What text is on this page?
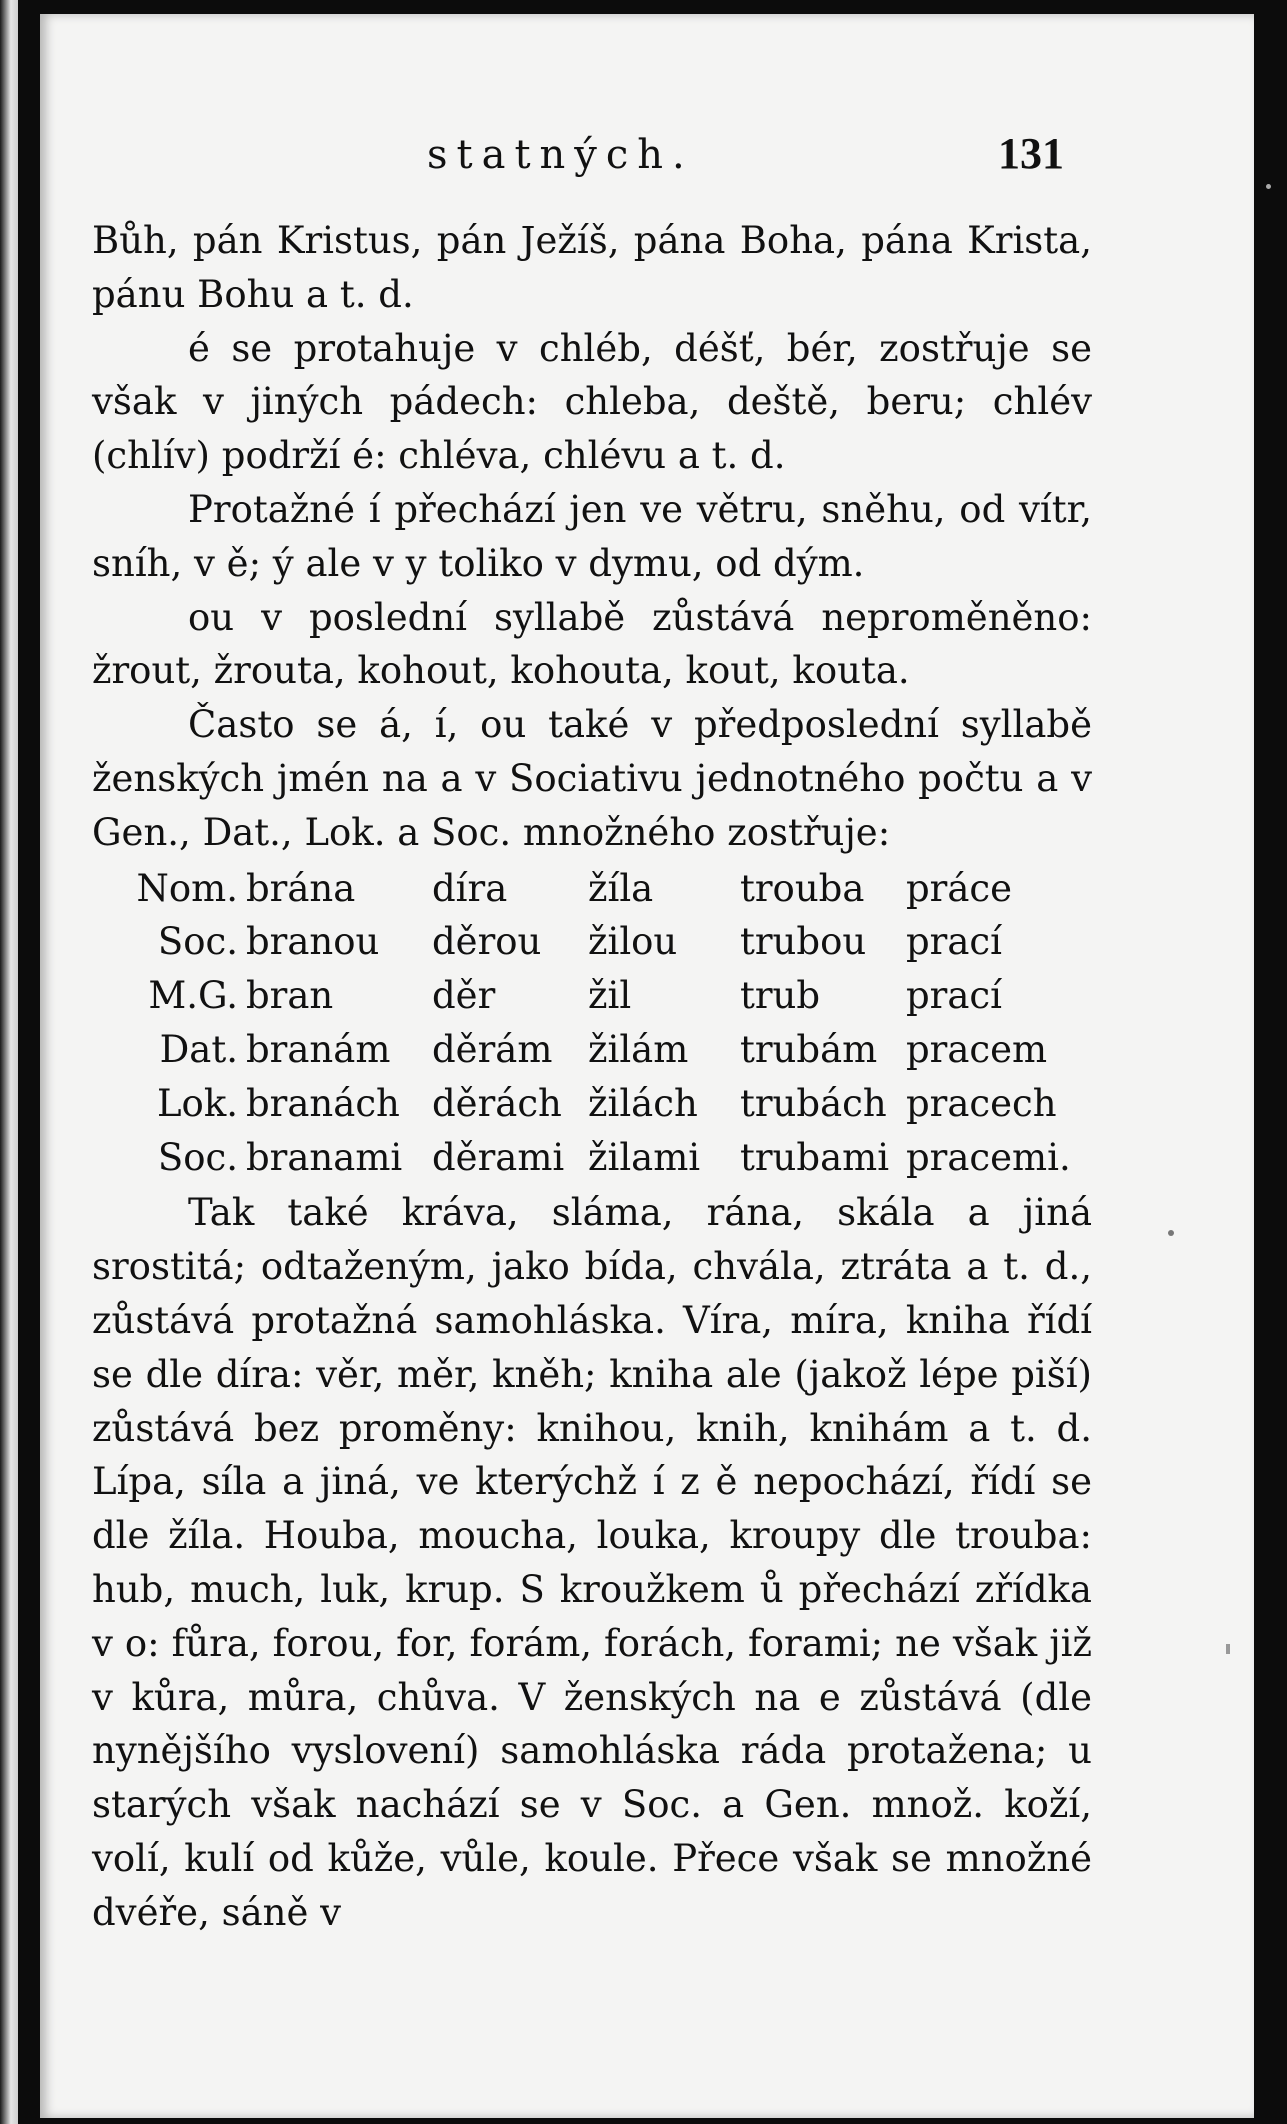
statných.	131

Bůh, pán Kristus, pán Ježíš, pána Boha, pána Krista, pánu Bohu a t. d.

é se protahuje v chléb, déšť, bér, zostřuje se však v jiných pádech: chleba, deště, beru; chlév (chlív) podrží é: chléva, chlévu a t. d.

Protažné í přechází jen ve větru, sněhu, od vítr, sníh, v ě; ý ale v y toliko v dymu, od dým.

ou v poslední syllabě zůstává neproměněno: žrout, žrouta, kohout, kohouta, kout, kouta.

Často se á, í, ou také v předposlední syllabě ženských jmén na a v Sociativu jednotného počtu a v Gen., Dat., Lok. a Soc. množného zostřuje:

Nom.	brána	díra	žíla	trouba	práce
Soc.	branou	děrou	žilou	trubou	prací
M.G.	bran	děr	žil	trub	prací
Dat.	branám	děrám	žilám	trubám	pracem
Lok.	branách	děrách	žilách	trubách	pracech
Soc.	branami	děrami	žilami	trubami	pracemi.

Tak také kráva, sláma, rána, skála a jiná srostitá; odtaženým, jako bída, chvála, ztráta a t. d., zůstává protažná samohláska. Víra, míra, kniha řídí se dle díra: věr, měr, kněh; kniha ale (jakož lépe piší) zůstává bez proměny: knihou, knih, knihám a t. d. Lípa, síla a jiná, ve kterýchž í z ě nepochází, řídí se dle žíla. Houba, moucha, louka, kroupy dle trouba: hub, much, luk, krup. S kroužkem ů přechází zřídka v o: fůra, forou, for, forám, forách, forami; ne však již v kůra, můra, chůva. V ženských na e zůstává (dle nynějšího vyslovení) samohláska ráda protažena; u starých však nachází se v Soc. a Gen. množ. koží, volí, kulí od kůže, vůle, koule. Přece však se množné dvéře, sáně v
